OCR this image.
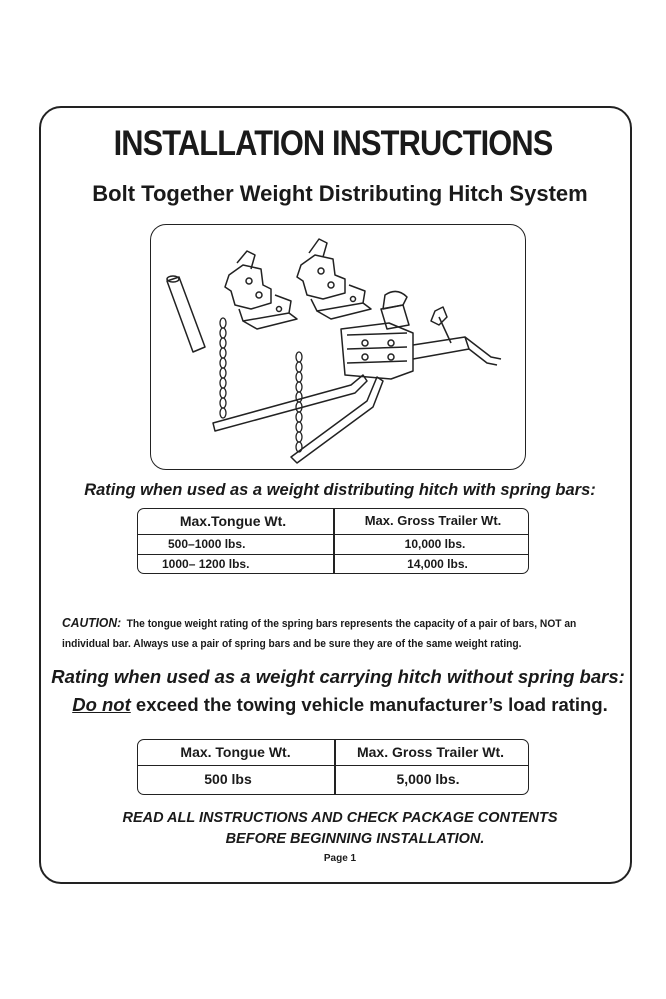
INSTALLATION INSTRUCTIONS
Bolt Together Weight Distributing Hitch System
Rating when used as a weight distributing hitch with spring bars:
Max.Tongue Wt.	Max. Gross Trailer Wt.
500–1000 lbs.	10,000 lbs.
1000– 1200 lbs.	14,000 lbs.
CAUTION: The tongue weight rating of the spring bars represents the capacity of a pair of bars, NOT an individual bar. Always use a pair of spring bars and be sure they are of the same weight rating.
Rating when used as a weight carrying hitch without spring bars:
Do not exceed the towing vehicle manufacturer’s load rating.
Max. Tongue Wt.	Max. Gross Trailer Wt.
500 lbs	5,000 lbs.
READ ALL INSTRUCTIONS AND CHECK PACKAGE CONTENTS
BEFORE BEGINNING INSTALLATION.
Page 1
